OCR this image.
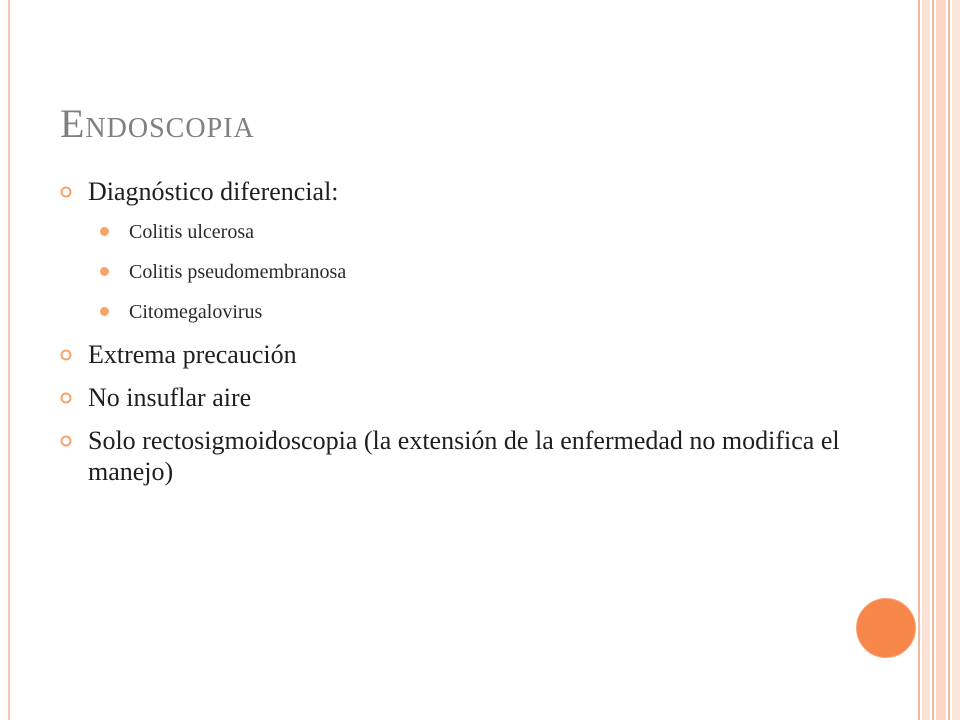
Endoscopia
Diagnóstico diferencial:
Colitis ulcerosa
Colitis pseudomembranosa
Citomegalovirus
Extrema precaución
No insuflar aire
Solo rectosigmoidoscopia (la extensión de la enfermedad no modifica el manejo)
